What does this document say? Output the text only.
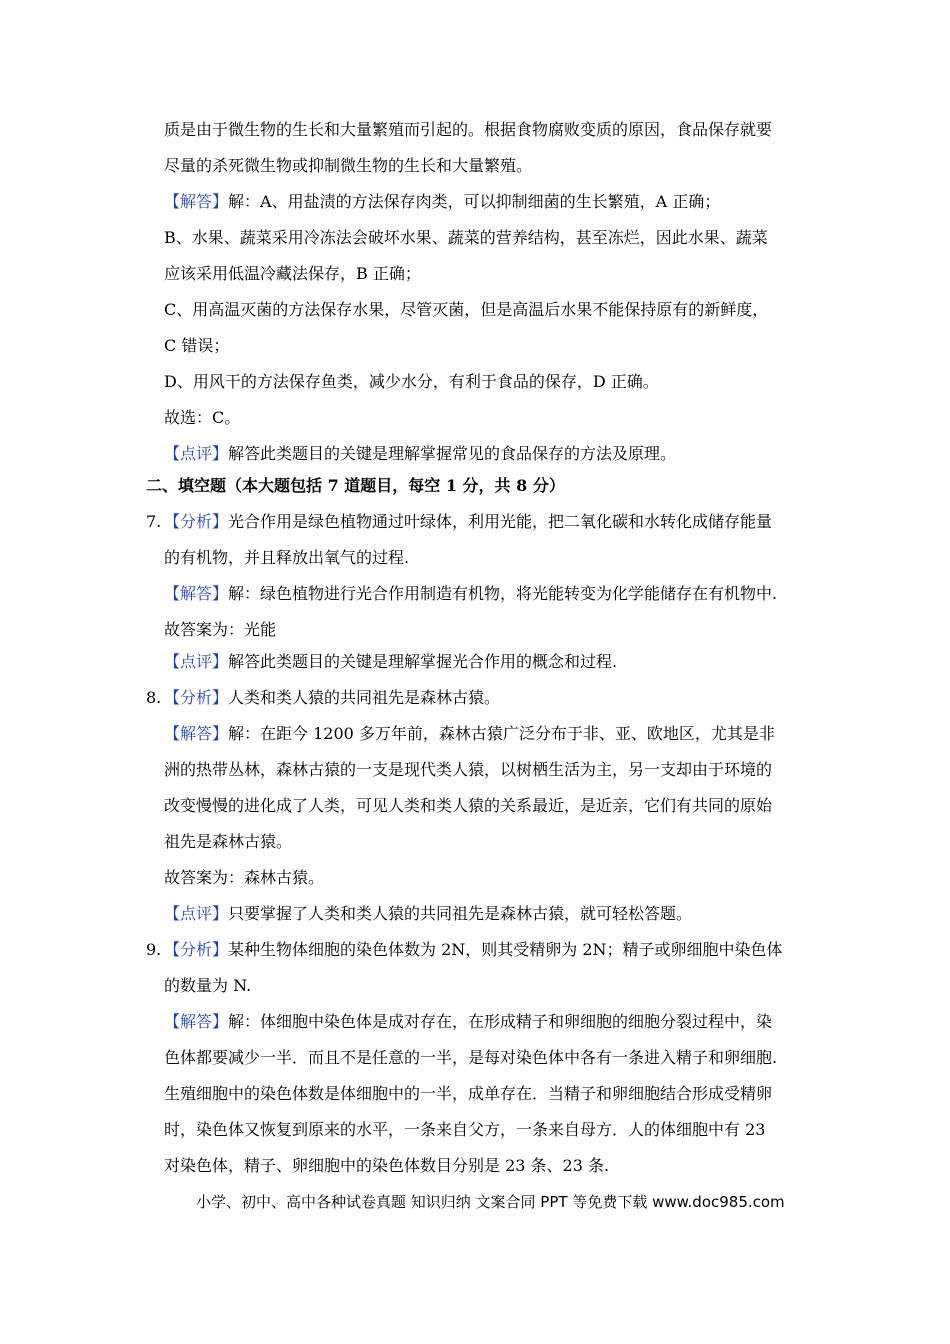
质是由于微生物的生长和大量繁殖而引起的。根据食物腐败变质的原因，食品保存就要
尽量的杀死微生物或抑制微生物的生长和大量繁殖。
【解答】解：A、用盐渍的方法保存肉类，可以抑制细菌的生长繁殖，A 正确；
B、水果、蔬菜采用冷冻法会破坏水果、蔬菜的营养结构，甚至冻烂，因此水果、蔬菜
应该采用低温冷藏法保存，B 正确；
C、用高温灭菌的方法保存水果，尽管灭菌，但是高温后水果不能保持原有的新鲜度，
C 错误；
D、用风干的方法保存鱼类，减少水分，有利于食品的保存，D 正确。
故选：C。
【点评】解答此类题目的关键是理解掌握常见的食品保存的方法及原理。
二、填空题（本大题包括 7 道题目，每空 1 分，共 8 分）
7. 【分析】光合作用是绿色植物通过叶绿体，利用光能，把二氧化碳和水转化成储存能量
的有机物，并且释放出氧气的过程.
【解答】解：绿色植物进行光合作用制造有机物，将光能转变为化学能储存在有机物中.
故答案为：光能
【点评】解答此类题目的关键是理解掌握光合作用的概念和过程.
8. 【分析】人类和类人猿的共同祖先是森林古猿。
【解答】解：在距今 1200 多万年前，森林古猿广泛分布于非、亚、欧地区，尤其是非
洲的热带丛林，森林古猿的一支是现代类人猿，以树栖生活为主，另一支却由于环境的
改变慢慢的进化成了人类，可见人类和类人猿的关系最近，是近亲，它们有共同的原始
祖先是森林古猿。
故答案为：森林古猿。
【点评】只要掌握了人类和类人猿的共同祖先是森林古猿，就可轻松答题。
9. 【分析】某种生物体细胞的染色体数为 2N，则其受精卵为 2N；精子或卵细胞中染色体
的数量为 N.
【解答】解：体细胞中染色体是成对存在，在形成精子和卵细胞的细胞分裂过程中，染
色体都要减少一半．而且不是任意的一半，是每对染色体中各有一条进入精子和卵细胞.
生殖细胞中的染色体数是体细胞中的一半，成单存在．当精子和卵细胞结合形成受精卵
时，染色体又恢复到原来的水平，一条来自父方，一条来自母方．人的体细胞中有 23
对染色体，精子、卵细胞中的染色体数目分别是 23 条、23 条.
小学、初中、高中各种试卷真题 知识归纳 文案合同 PPT 等免费下载 www.doc985.com
